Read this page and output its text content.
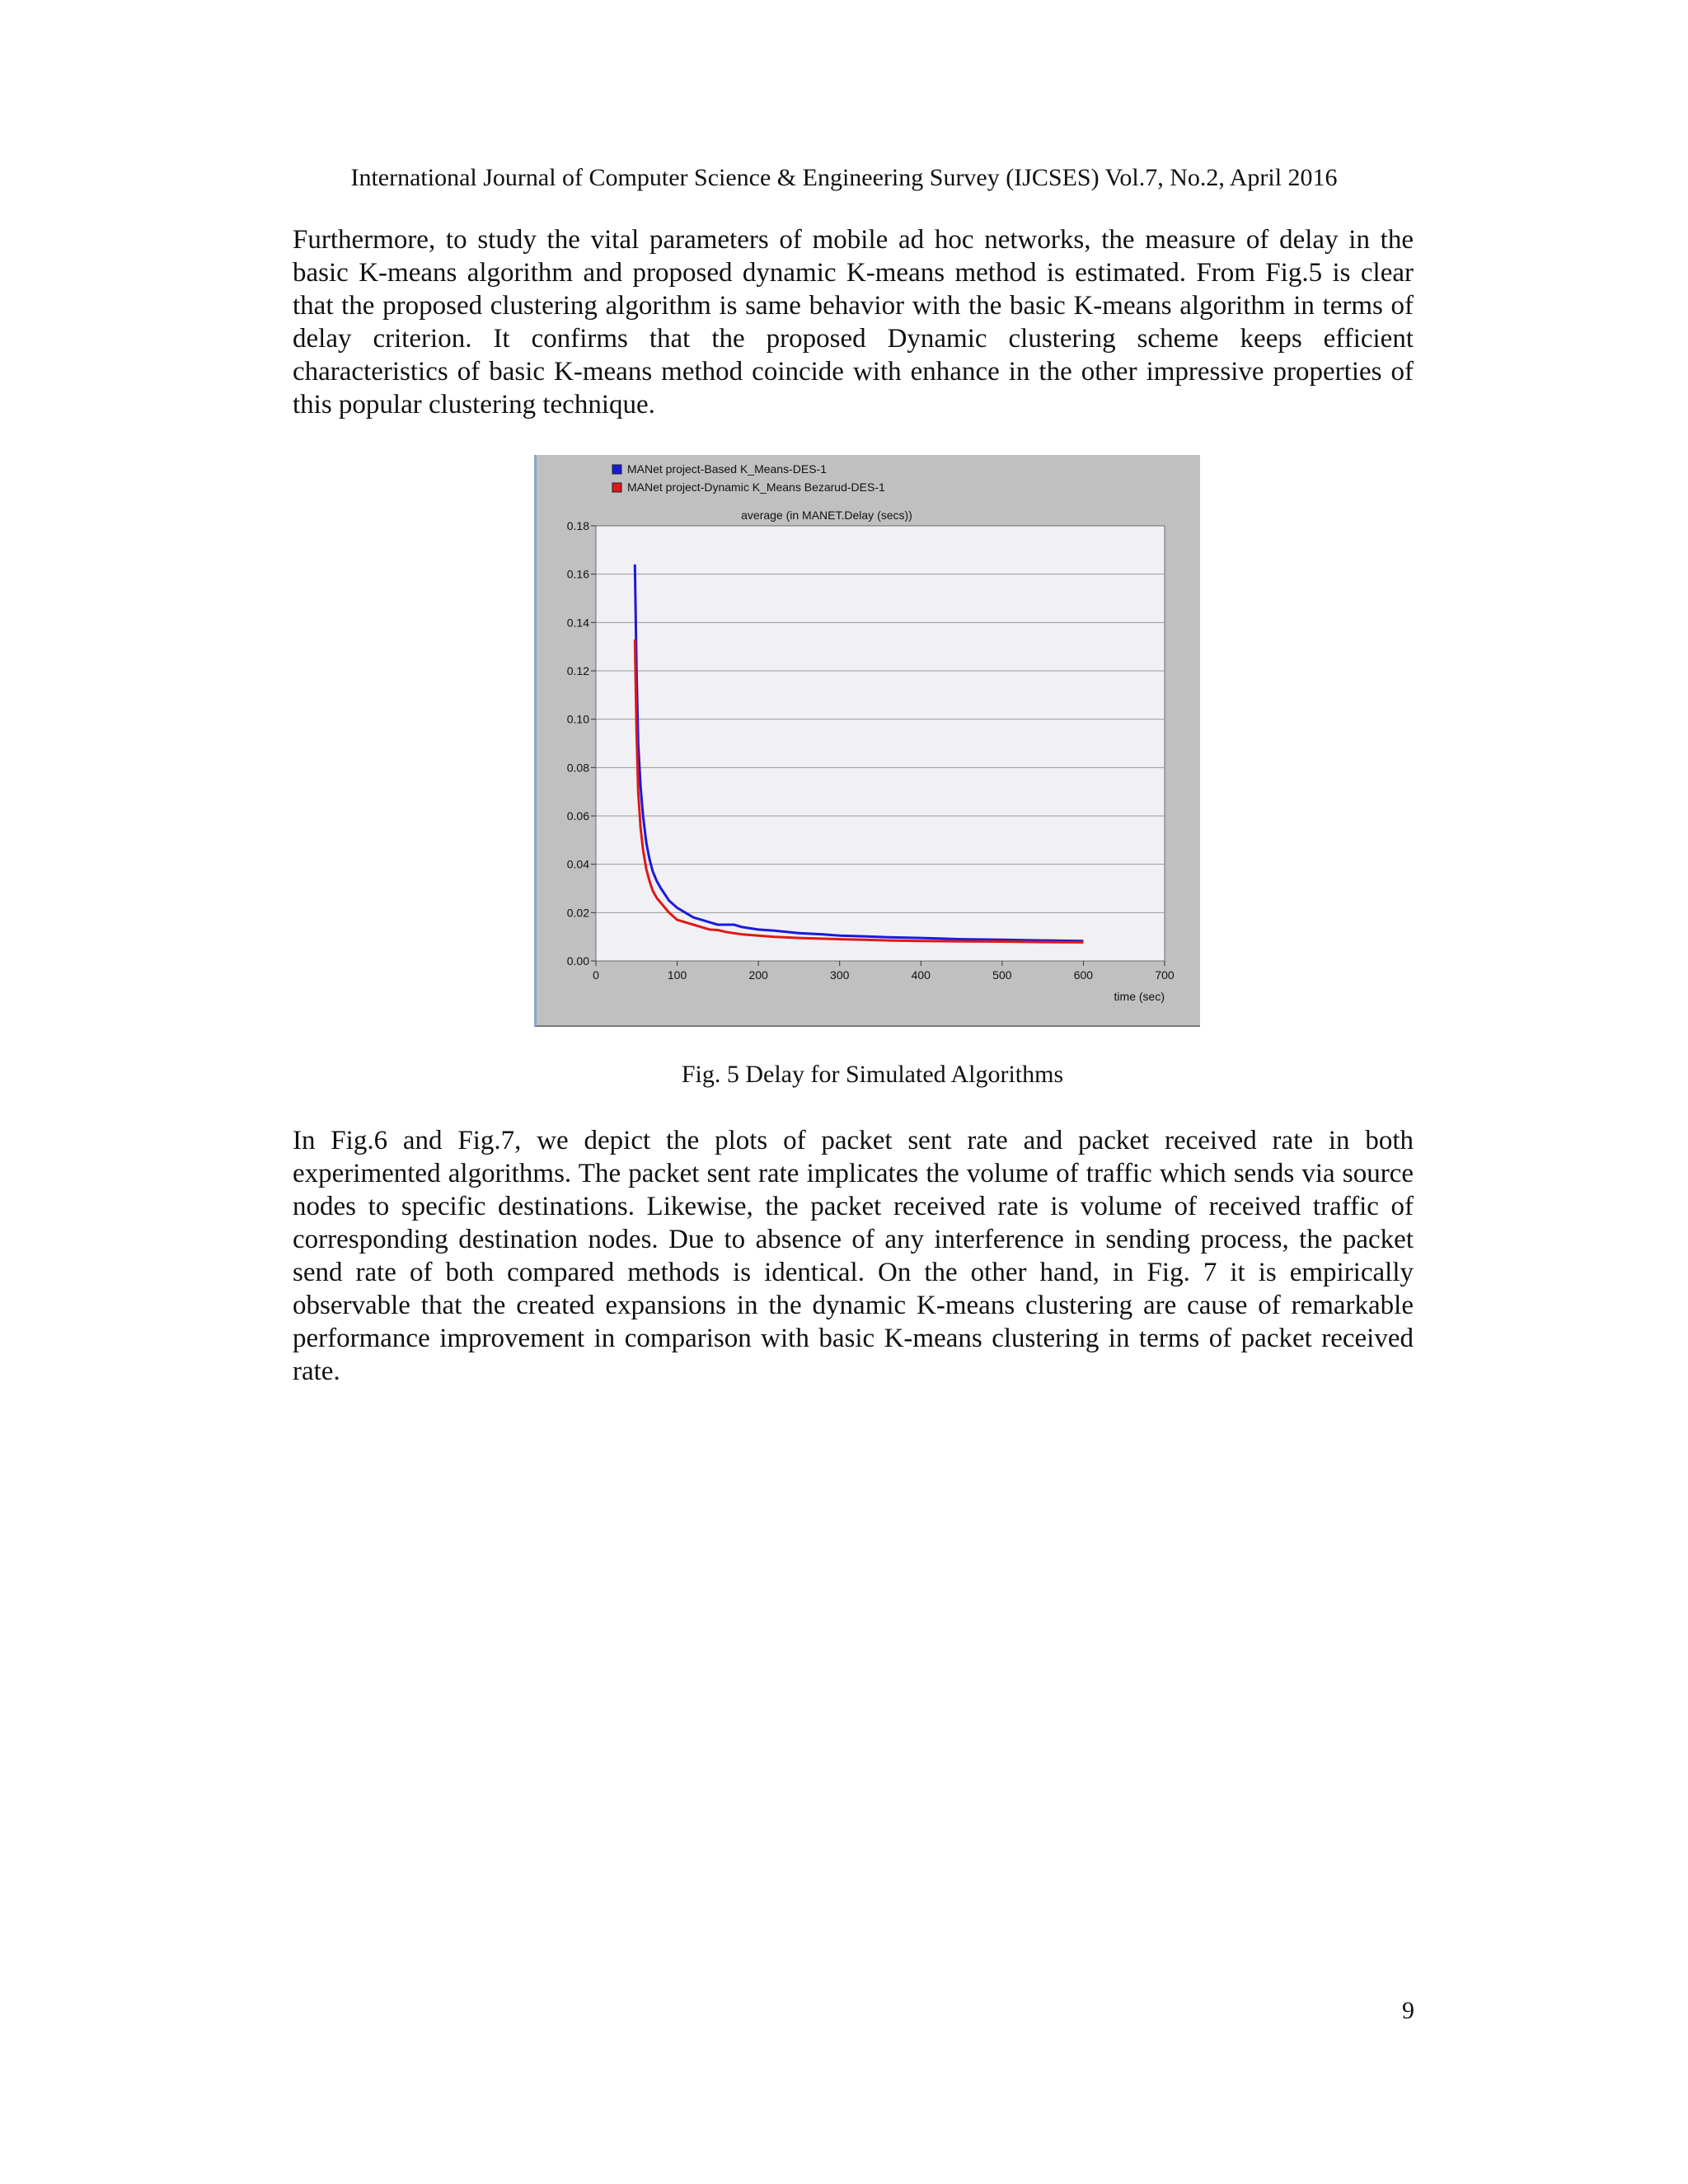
International Journal of Computer Science & Engineering Survey (IJCSES) Vol.7, No.2, April 2016

Furthermore, to study the vital parameters of mobile ad hoc networks, the measure of delay in the basic K-means algorithm and proposed dynamic K-means method is estimated. From Fig.5 is clear that the proposed clustering algorithm is same behavior with the basic K-means algorithm in terms of delay criterion. It confirms that the proposed Dynamic clustering scheme keeps efficient characteristics of basic K-means method coincide with enhance in the other impressive properties of this popular clustering technique.

MANet project-Based K_Means-DES-1
MANet project-Dynamic K_Means Bezarud-DES-1
average (in MANET.Delay (secs))
0.00
0.02
0.04
0.06
0.08
0.10
0.12
0.14
0.16
0.18
0	100	200	300	400	500	600	700
time (sec)
Fig. 5 Delay for Simulated Algorithms

In Fig.6 and Fig.7, we depict the plots of packet sent rate and packet received rate in both experimented algorithms. The packet sent rate implicates the volume of traffic which sends via source nodes to specific destinations. Likewise, the packet received rate is volume of received traffic of corresponding destination nodes. Due to absence of any interference in sending process, the packet send rate of both compared methods is identical. On the other hand, in Fig. 7 it is empirically observable that the created expansions in the dynamic K-means clustering are cause of remarkable performance improvement in comparison with basic K-means clustering in terms of packet received rate.

9
